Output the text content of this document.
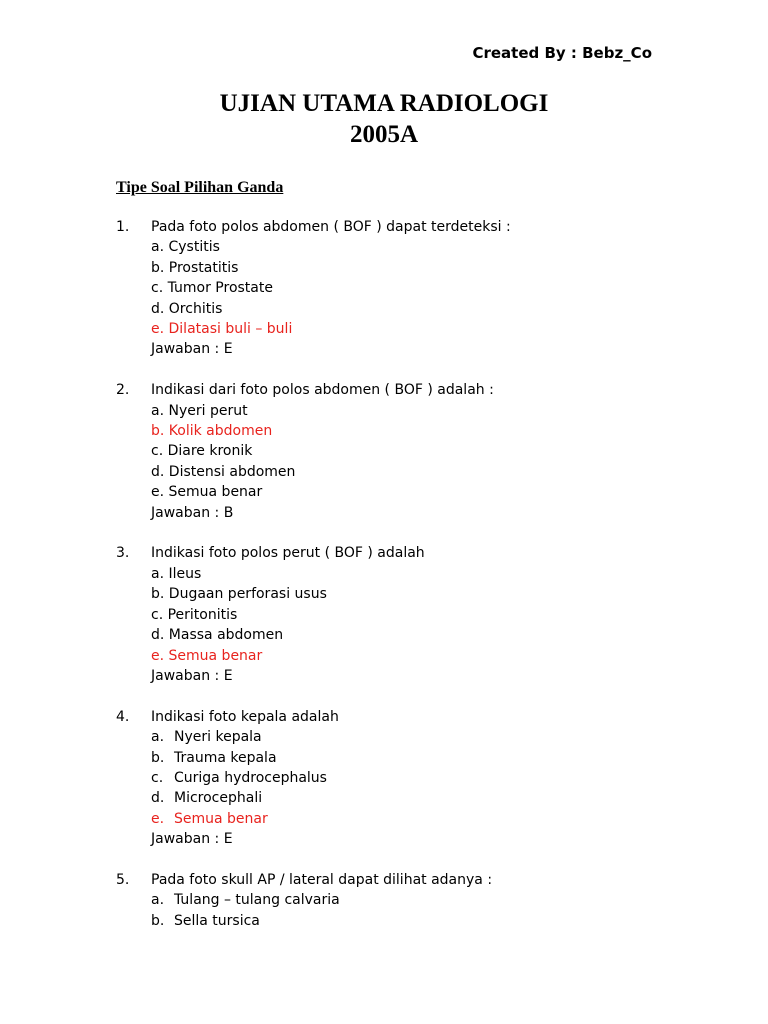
Created By : Bebz_Co
UJIAN UTAMA RADIOLOGI
2005A
Tipe Soal Pilihan Ganda
1.	Pada foto polos abdomen ( BOF ) dapat terdeteksi :
a. Cystitis
b. Prostatitis
c. Tumor Prostate
d. Orchitis
e. Dilatasi buli – buli
Jawaban : E
2.	Indikasi dari foto polos abdomen ( BOF ) adalah :
a. Nyeri perut
b. Kolik abdomen
c. Diare kronik
d. Distensi abdomen
e. Semua benar
Jawaban : B
3.	Indikasi foto polos perut ( BOF ) adalah
a. Ileus
b. Dugaan perforasi usus
c. Peritonitis
d. Massa abdomen
e. Semua benar
Jawaban : E
4.	Indikasi foto kepala adalah
a. Nyeri kepala
b. Trauma kepala
c. Curiga hydrocephalus
d. Microcephali
e. Semua benar
Jawaban : E
5.	Pada foto skull AP / lateral dapat dilihat adanya :
a. Tulang – tulang calvaria
b. Sella tursica
